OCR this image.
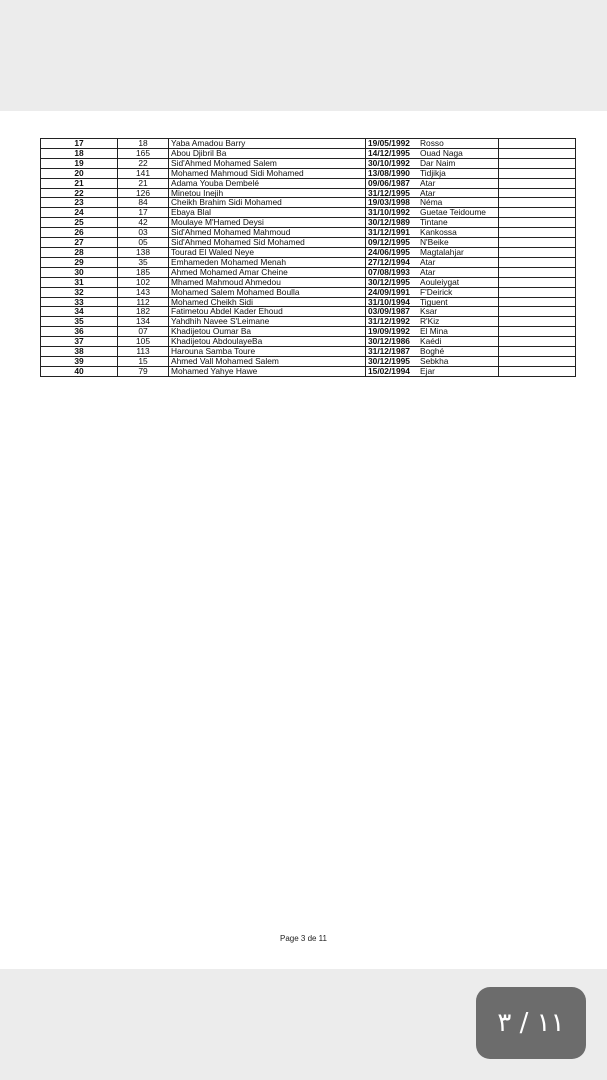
17	18	Yaba Amadou Barry	19/05/1992	Rosso	
18	165	Abou Djibril Ba	14/12/1995	Ouad Naga	
19	22	Sid'Ahmed Mohamed Salem	30/10/1992	Dar Naim	
20	141	Mohamed Mahmoud Sidi Mohamed	13/08/1990	Tidjikja	
21	21	Adama Youba Dembelé	09/06/1987	Atar	
22	126	Minetou Inejih	31/12/1995	Atar	
23	84	Cheikh Brahim Sidi Mohamed	19/03/1998	Néma	
24	17	Ebaya Blal	31/10/1992	Guetae Teidoume	
25	42	Moulaye M'Hamed Deysi	30/12/1989	Tintane	
26	03	Sid'Ahmed Mohamed Mahmoud	31/12/1991	Kankossa	
27	05	Sid'Ahmed Mohamed Sid Mohamed	09/12/1995	N'Beike	
28	138	Tourad El Waled Neye	24/06/1995	Magtalahjar	
29	35	Emhameden Mohamed Menah	27/12/1994	Atar	
30	185	Ahmed Mohamed Amar Cheine	07/08/1993	Atar	
31	102	Mhamed Mahmoud Ahmedou	30/12/1995	Aouleiygat	
32	143	Mohamed Salem Mohamed Boulla	24/09/1991	F'Deirick	
33	112	Mohamed Cheikh Sidi	31/10/1994	Tiguent	
34	182	Fatimetou Abdel Kader Ehoud	03/09/1987	Ksar	
35	134	Yahdhih Navee S'Leimane	31/12/1992	R'Kiz	
36	07	Khadijetou Oumar Ba	19/09/1992	El Mina	
37	105	Khadijetou AbdoulayeBa	30/12/1986	Kaédi	
38	113	Harouna Samba Toure	31/12/1987	Boghé	
39	15	Ahmed Vall Mohamed Salem	30/12/1995	Sebkha	
40	79	Mohamed Yahye Hawe	15/02/1994	Ejar	
Page 3 de 11
١١ / ٣
